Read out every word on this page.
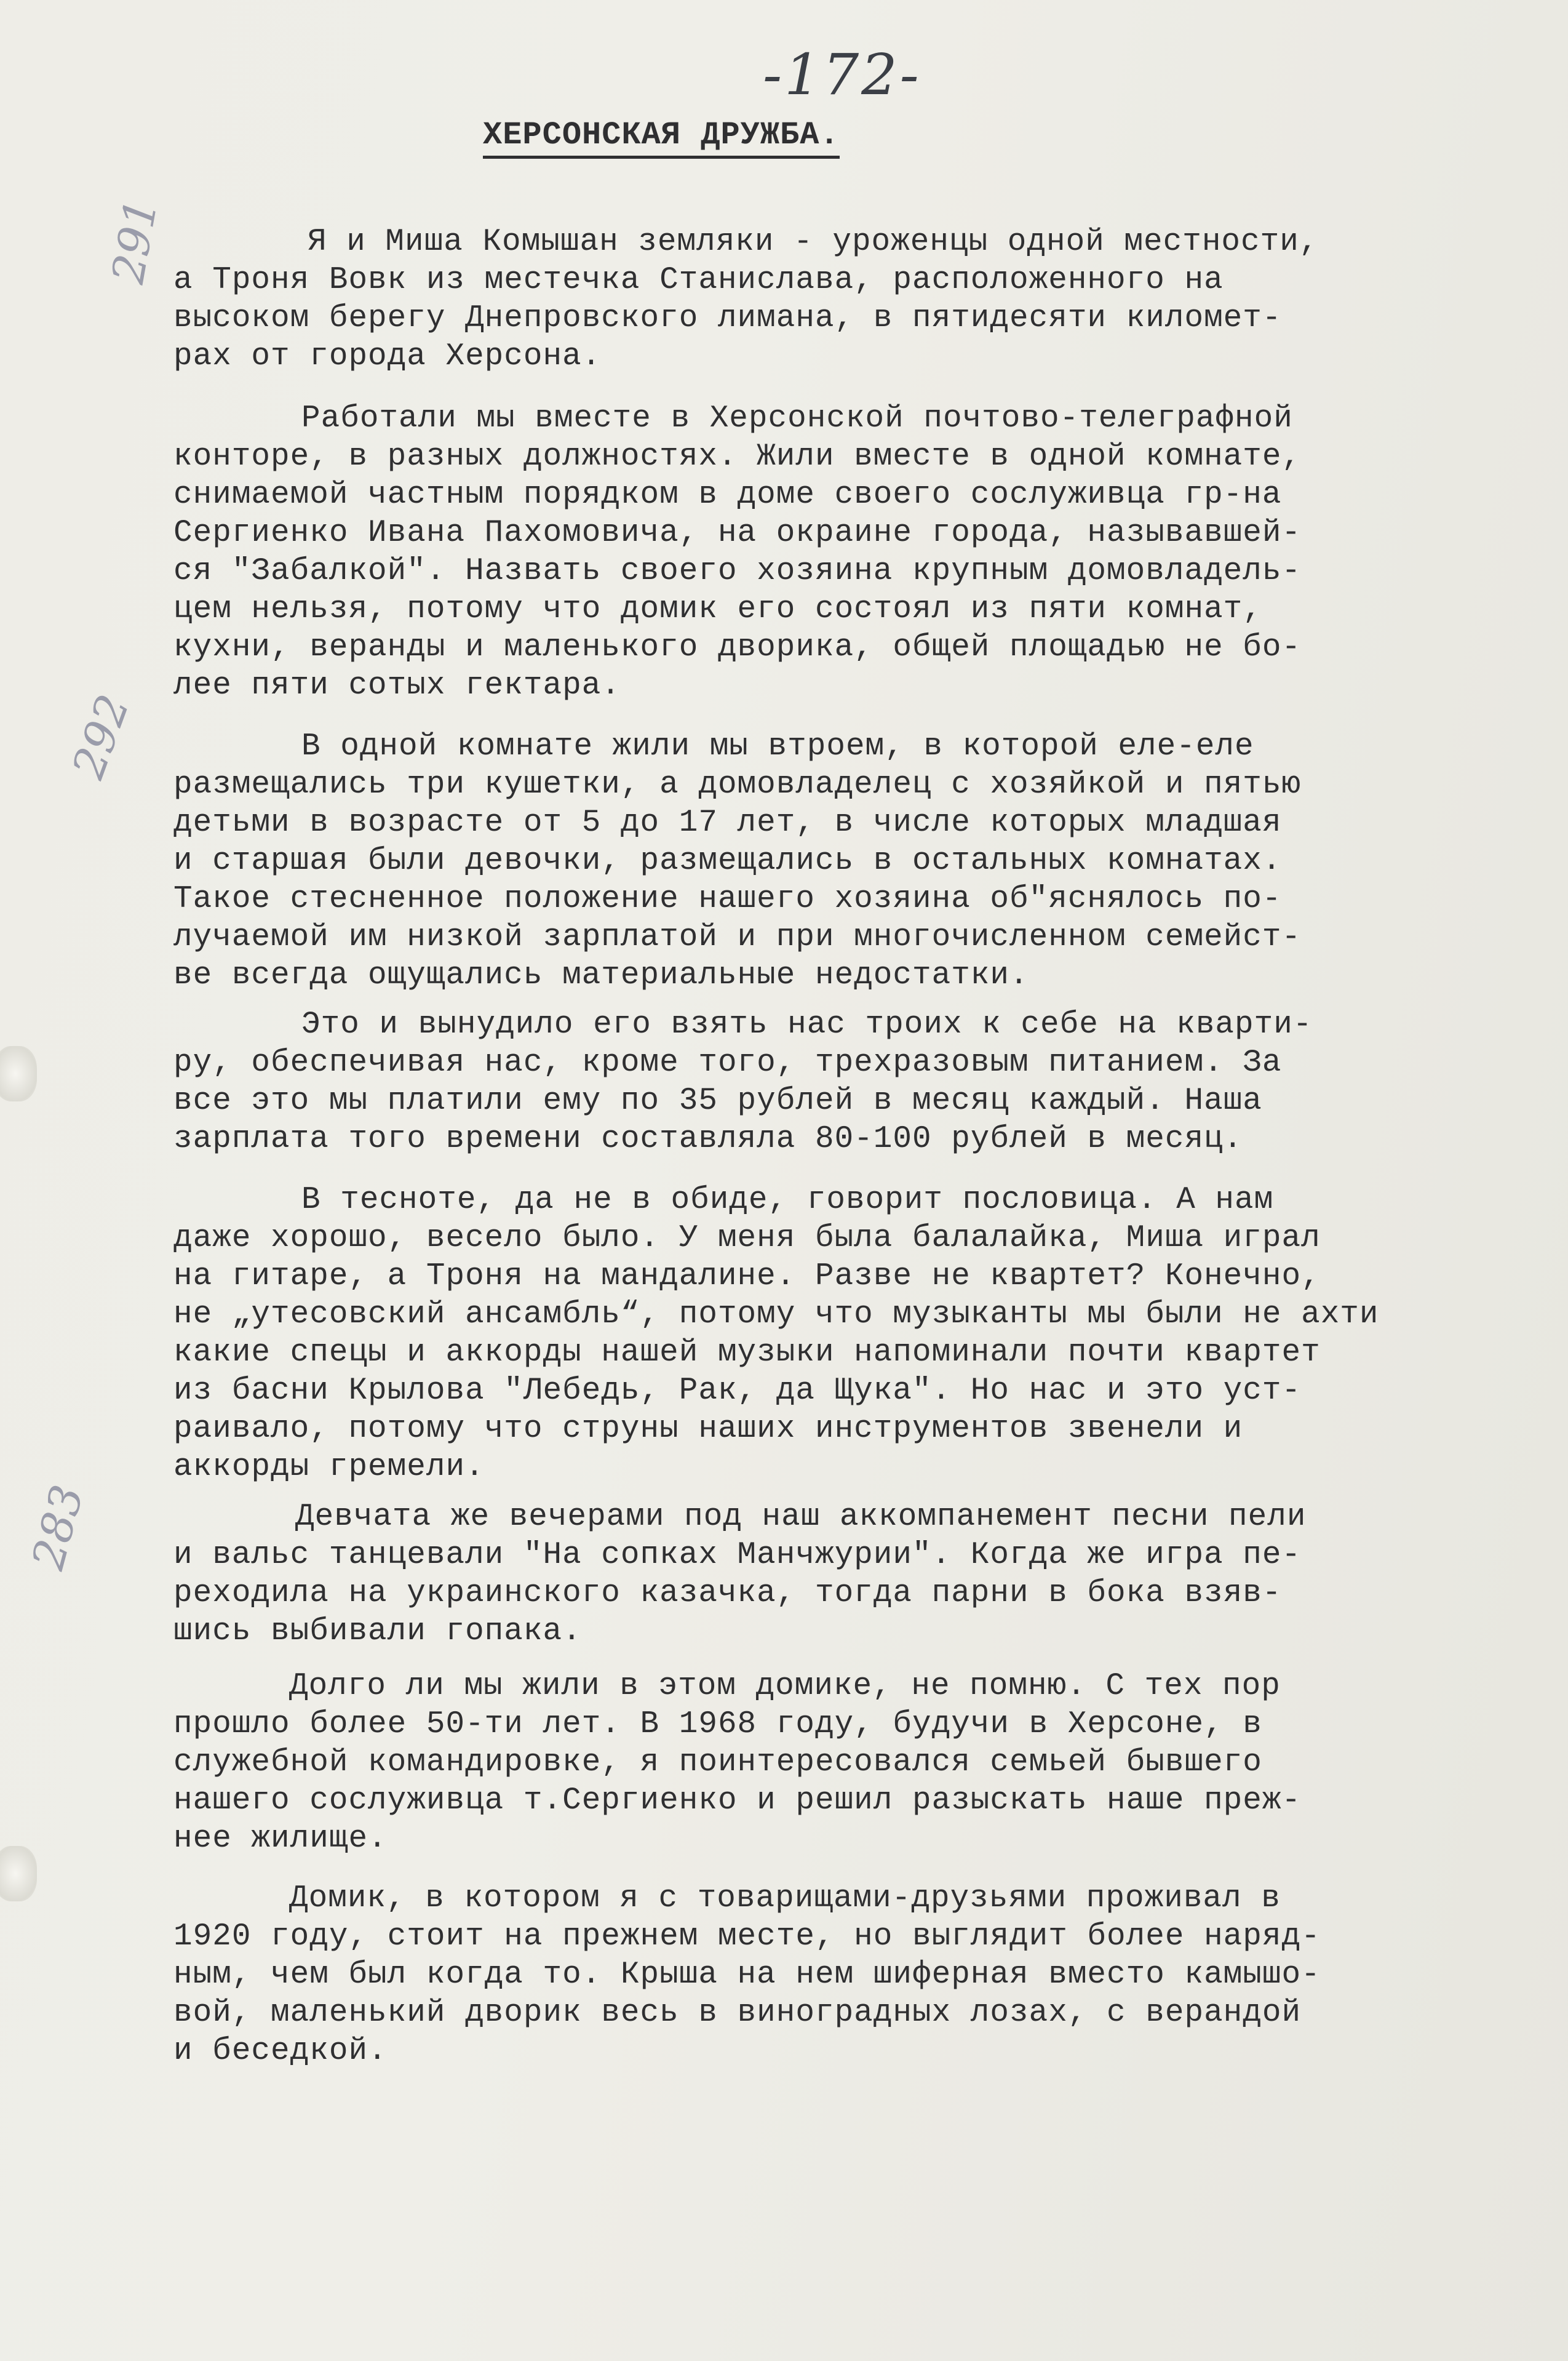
-172-
ХЕРСОНСКАЯ ДРУЖБА.
291
292
283
Я и Миша Комышан земляки - уроженцы одной местности,
а Троня Вовк из местечка Станислава, расположенного на
высоком берегу Днепровского лимана, в пятидесяти километ-
рах от города Херсона.
Работали мы вместе в Херсонской почтово-телеграфной
конторе, в разных должностях. Жили вместе в одной комнате,
снимаемой частным порядком в доме своего сослуживца гр-на
Сергиенко Ивана Пахомовича, на окраине города, называвшей-
ся "Забалкой". Назвать своего хозяина крупным домовладель-
цем нельзя, потому что домик его состоял из пяти комнат,
кухни, веранды и маленького дворика, общей площадью не бо-
лее пяти сотых гектара.
В одной комнате жили мы втроем, в которой еле-еле
размещались три кушетки, а домовладелец с хозяйкой и пятью
детьми в возрасте от 5 до 17 лет, в числе которых младшая
и старшая были девочки, размещались в остальных комнатах.
Такое стесненное положение нашего хозяина об"яснялось по-
лучаемой им низкой зарплатой и при многочисленном семейст-
ве всегда ощущались материальные недостатки.
Это и вынудило его взять нас троих к себе на кварти-
ру, обеспечивая нас, кроме того, трехразовым питанием. За
все это мы платили ему по 35 рублей в месяц каждый. Наша
зарплата того времени составляла 80-100 рублей в месяц.
В тесноте, да не в обиде, говорит пословица. А нам
даже хорошо, весело было. У меня была балалайка, Миша играл
на гитаре, а Троня на мандалине. Разве не квартет? Конечно,
не „утесовский ансамбль“, потому что музыканты мы были не ахти
какие спецы и аккорды нашей музыки напоминали почти квартет
из басни Крылова "Лебедь, Рак, да Щука". Но нас и это уст-
раивало, потому что струны наших инструментов звенели и
аккорды гремели.
Девчата же вечерами под наш аккомпанемент песни пели
и вальс танцевали "На сопках Манчжурии". Когда же игра пе-
реходила на украинского казачка, тогда парни в бока взяв-
шись выбивали гопака.
Долго ли мы жили в этом домике, не помню. С тех пор
прошло более 50-ти лет. В 1968 году, будучи в Херсоне, в
служебной командировке, я поинтересовался семьей бывшего
нашего сослуживца т.Сергиенко и решил разыскать наше преж-
нее жилище.
Домик, в котором я с товарищами-друзьями проживал в
1920 году, стоит на прежнем месте, но выглядит более наряд-
ным, чем был когда то. Крыша на нем шиферная вместо камышо-
вой, маленький дворик весь в виноградных лозах, с верандой
и беседкой.
